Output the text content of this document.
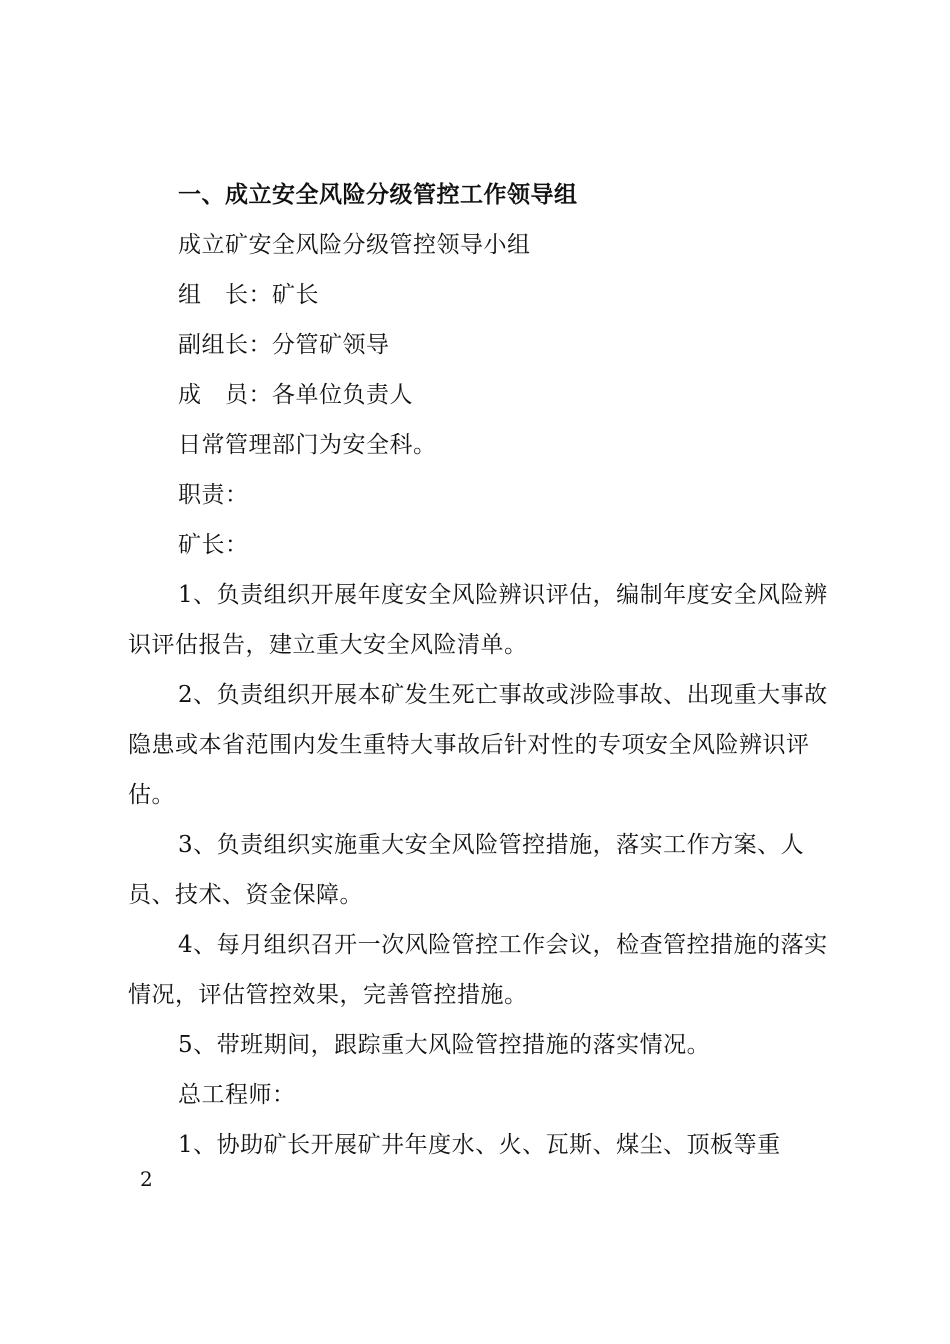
一、成立安全风险分级管控工作领导组

成立矿安全风险分级管控领导小组

组　长：矿长

副组长：分管矿领导

成　员：各单位负责人

日常管理部门为安全科。

职责：

矿长：

1、负责组织开展年度安全风险辨识评估，编制年度安全风险辨识评估报告，建立重大安全风险清单。

2、负责组织开展本矿发生死亡事故或涉险事故、出现重大事故隐患或本省范围内发生重特大事故后针对性的专项安全风险辨识评估。

3、负责组织实施重大安全风险管控措施，落实工作方案、人员、技术、资金保障。

4、每月组织召开一次风险管控工作会议，检查管控措施的落实情况，评估管控效果，完善管控措施。

5、带班期间，跟踪重大风险管控措施的落实情况。

总工程师：

1、协助矿长开展矿井年度水、火、瓦斯、煤尘、顶板等重

2
